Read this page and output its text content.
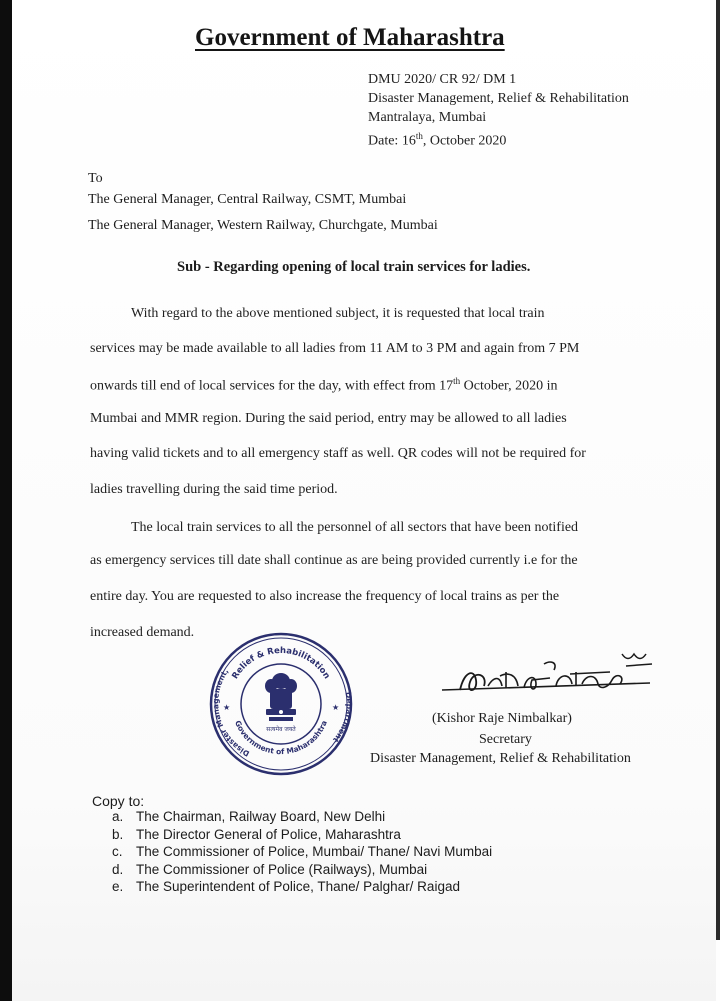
Government of Maharashtra
DMU 2020/ CR 92/ DM 1
Disaster Management, Relief & Rehabilitation
Mantralaya, Mumbai
Date: 16th, October 2020
To
The General Manager, Central Railway, CSMT, Mumbai
The General Manager, Western Railway, Churchgate, Mumbai
Sub - Regarding opening of local train services for ladies.
With regard to the above mentioned subject, it is requested that local train
services may be made available to all ladies from 11 AM to 3 PM and again from 7 PM
onwards till end of local services for the day, with effect from 17th October, 2020 in
Mumbai and MMR region. During the said period, entry may be allowed to all ladies
having valid tickets and to all emergency staff as well. QR codes will not be required for
ladies travelling during the said time period.
The local train services to all the personnel of all sectors that have been notified
as emergency services till date shall continue as are being provided currently i.e for the
entire day. You are requested to also increase the frequency of local trains as per the
increased demand.
Relief & Rehabilitation
Disaster Management,
Department
Government of Maharashtra
सत्यमेव जयते
★	★
(Kishor Raje Nimbalkar)
Secretary
Disaster Management, Relief & Rehabilitation
Copy to:
a. The Chairman, Railway Board, New Delhi
b. The Director General of Police, Maharashtra
c. The Commissioner of Police, Mumbai/ Thane/ Navi Mumbai
d. The Commissioner of Police (Railways), Mumbai
e. The Superintendent of Police, Thane/ Palghar/ Raigad
